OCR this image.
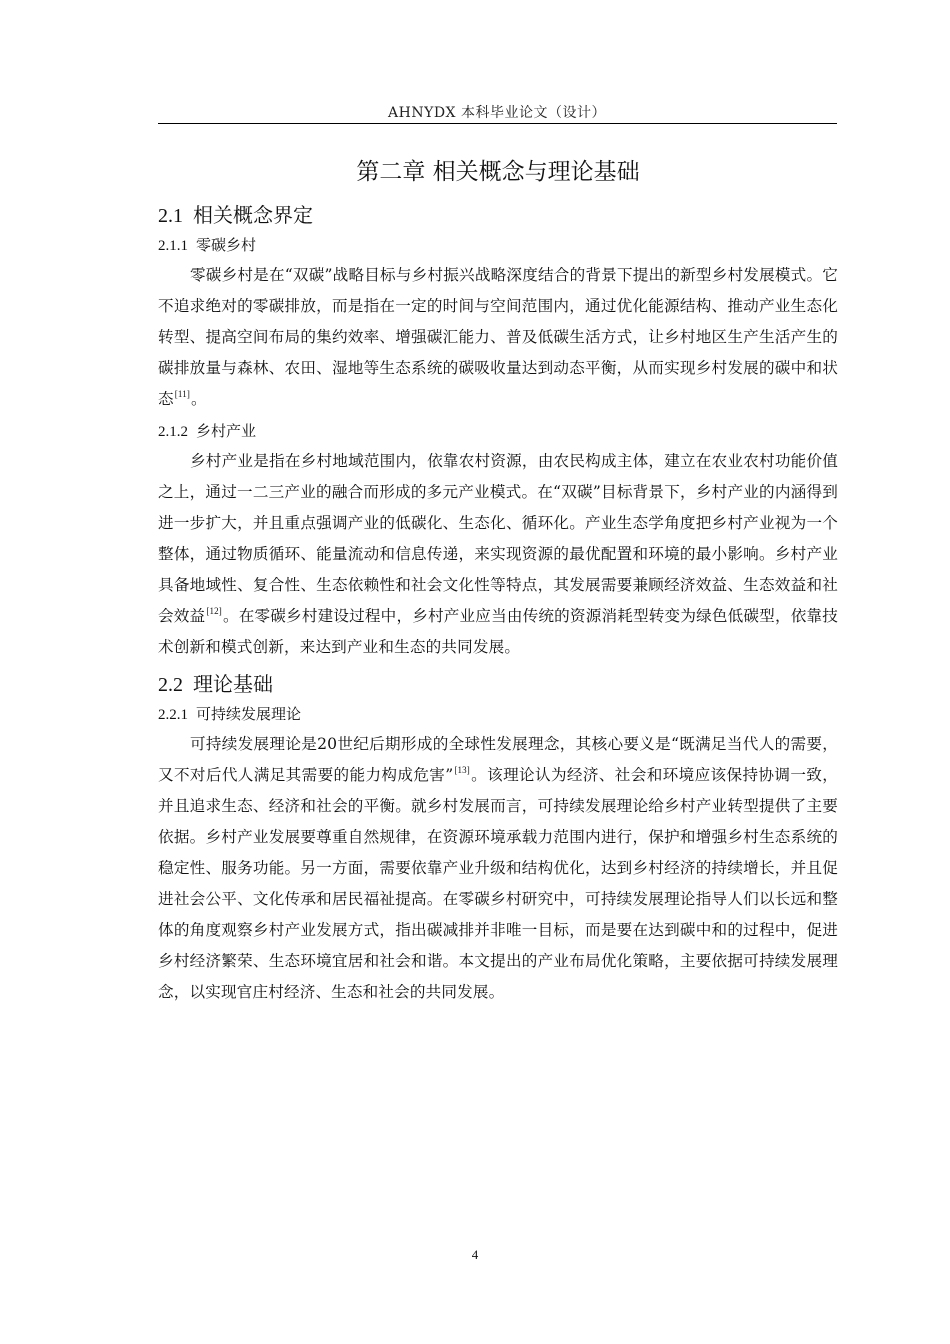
AHNYDX 本科毕业论文（设计）
第二章 相关概念与理论基础
2.1 相关概念界定
2.1.1 零碳乡村

零碳乡村是在“双碳”战略目标与乡村振兴战略深度结合的背景下提出的新型乡村发展模式。它不追求绝对的零碳排放，而是指在一定的时间与空间范围内，通过优化能源结构、推动产业生态化转型、提高空间布局的集约效率、增强碳汇能力、普及低碳生活方式，让乡村地区生产生活产生的碳排放量与森林、农田、湿地等生态系统的碳吸收量达到动态平衡，从而实现乡村发展的碳中和状态[11]。

2.1.2 乡村产业

乡村产业是指在乡村地域范围内，依靠农村资源，由农民构成主体，建立在农业农村功能价值之上，通过一二三产业的融合而形成的多元产业模式。在“双碳”目标背景下，乡村产业的内涵得到进一步扩大，并且重点强调产业的低碳化、生态化、循环化。产业生态学角度把乡村产业视为一个整体，通过物质循环、能量流动和信息传递，来实现资源的最优配置和环境的最小影响。乡村产业具备地域性、复合性、生态依赖性和社会文化性等特点，其发展需要兼顾经济效益、生态效益和社会效益[12]。在零碳乡村建设过程中，乡村产业应当由传统的资源消耗型转变为绿色低碳型，依靠技术创新和模式创新，来达到产业和生态的共同发展。

2.2 理论基础
2.2.1 可持续发展理论

可持续发展理论是20世纪后期形成的全球性发展理念，其核心要义是“既满足当代人的需要，又不对后代人满足其需要的能力构成危害”[13]。该理论认为经济、社会和环境应该保持协调一致，并且追求生态、经济和社会的平衡。就乡村发展而言，可持续发展理论给乡村产业转型提供了主要依据。乡村产业发展要尊重自然规律，在资源环境承载力范围内进行，保护和增强乡村生态系统的稳定性、服务功能。另一方面，需要依靠产业升级和结构优化，达到乡村经济的持续增长，并且促进社会公平、文化传承和居民福祉提高。在零碳乡村研究中，可持续发展理论指导人们以长远和整体的角度观察乡村产业发展方式，指出碳减排并非唯一目标，而是要在达到碳中和的过程中，促进乡村经济繁荣、生态环境宜居和社会和谐。本文提出的产业布局优化策略，主要依据可持续发展理念，以实现官庄村经济、生态和社会的共同发展。

4
